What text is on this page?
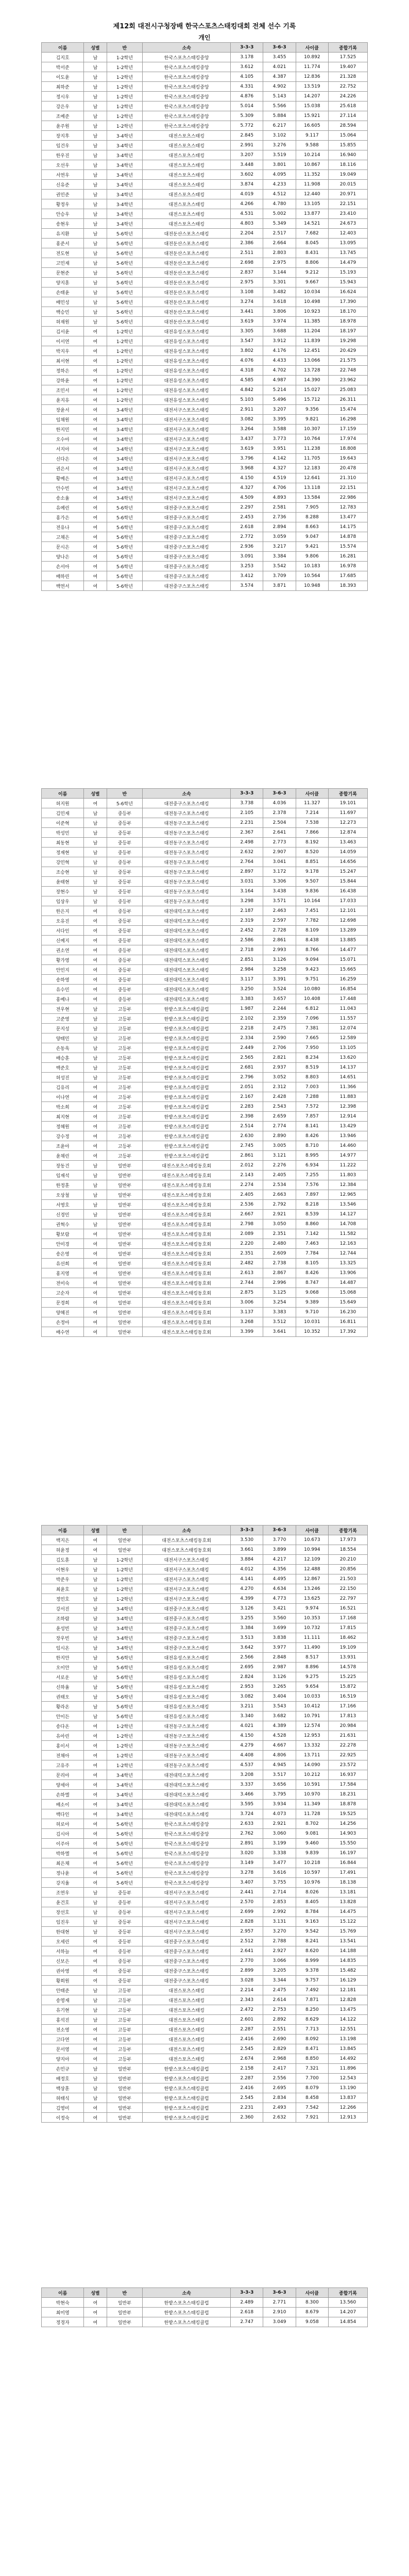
제12회 대전시구청장배 한국스포츠스태킹대회 전체 선수 기록
개인
이름	성별	반	소속	3-3-3	3-6-3	사이클	종합기록
김지호	남	1-2학년	한국스포츠스태킹중앙	3.178	3.455	10.892	17.525
박서준	남	1-2학년	한국스포츠스태킹중앙	3.612	4.021	11.774	19.407
이도윤	남	1-2학년	한국스포츠스태킹중앙	4.105	4.387	12.836	21.328
최하준	남	1-2학년	한국스포츠스태킹중앙	4.331	4.902	13.519	22.752
정시우	남	1-2학년	한국스포츠스태킹중앙	4.876	5.143	14.207	24.226
강은우	남	1-2학년	한국스포츠스태킹중앙	5.014	5.566	15.038	25.618
조예준	남	1-2학년	한국스포츠스태킹중앙	5.309	5.884	15.921	27.114
윤주원	남	1-2학년	한국스포츠스태킹중앙	5.772	6.217	16.605	28.594
장지후	남	3-4학년	대전스포츠스태킹	2.845	3.102	9.117	15.064
임건우	남	3-4학년	대전스포츠스태킹	2.991	3.276	9.588	15.855
한우진	남	3-4학년	대전스포츠스태킹	3.207	3.519	10.214	16.940
오선우	남	3-4학년	대전스포츠스태킹	3.448	3.801	10.867	18.116
서연우	남	3-4학년	대전스포츠스태킹	3.602	4.095	11.352	19.049
신유준	남	3-4학년	대전스포츠스태킹	3.874	4.233	11.908	20.015
권민준	남	3-4학년	대전스포츠스태킹	4.019	4.512	12.440	20.971
황정우	남	3-4학년	대전스포츠스태킹	4.266	4.780	13.105	22.151
안승우	남	3-4학년	대전스포츠스태킹	4.531	5.002	13.877	23.410
송현우	남	3-4학년	대전스포츠스태킹	4.803	5.349	14.521	24.673
유지환	남	5-6학년	대전둔산스포츠스태킹	2.204	2.517	7.682	12.403
홍준서	남	5-6학년	대전둔산스포츠스태킹	2.386	2.664	8.045	13.095
전도현	남	5-6학년	대전둔산스포츠스태킹	2.511	2.803	8.431	13.745
고민재	남	5-6학년	대전둔산스포츠스태킹	2.698	2.975	8.806	14.479
문현준	남	5-6학년	대전둔산스포츠스태킹	2.837	3.144	9.212	15.193
양지훈	남	5-6학년	대전둔산스포츠스태킹	2.975	3.301	9.667	15.943
손태윤	남	5-6학년	대전둔산스포츠스태킹	3.108	3.482	10.034	16.624
배민성	남	5-6학년	대전둔산스포츠스태킹	3.274	3.618	10.498	17.390
백승민	남	5-6학년	대전둔산스포츠스태킹	3.441	3.806	10.923	18.170
허재원	남	5-6학년	대전둔산스포츠스태킹	3.619	3.974	11.385	18.978
김서윤	여	1-2학년	대전유성스포츠스태킹	3.305	3.688	11.204	18.197
이서연	여	1-2학년	대전유성스포츠스태킹	3.547	3.912	11.839	19.298
박지우	여	1-2학년	대전유성스포츠스태킹	3.802	4.176	12.451	20.429
최서현	여	1-2학년	대전유성스포츠스태킹	4.076	4.433	13.066	21.575
정하은	여	1-2학년	대전유성스포츠스태킹	4.318	4.702	13.728	22.748
강하윤	여	1-2학년	대전유성스포츠스태킹	4.585	4.987	14.390	23.962
조민서	여	1-2학년	대전유성스포츠스태킹	4.842	5.214	15.027	25.083
윤지유	여	1-2학년	대전유성스포츠스태킹	5.103	5.496	15.712	26.311
장윤서	여	3-4학년	대전서구스포츠스태킹	2.911	3.207	9.356	15.474
임채원	여	3-4학년	대전서구스포츠스태킹	3.082	3.395	9.821	16.298
한지민	여	3-4학년	대전서구스포츠스태킹	3.264	3.588	10.307	17.159
오수아	여	3-4학년	대전서구스포츠스태킹	3.437	3.773	10.764	17.974
서지아	여	3-4학년	대전서구스포츠스태킹	3.619	3.951	11.238	18.808
신다은	여	3-4학년	대전서구스포츠스태킹	3.796	4.142	11.705	19.643
권은서	여	3-4학년	대전서구스포츠스태킹	3.968	4.327	12.183	20.478
황예은	여	3-4학년	대전서구스포츠스태킹	4.150	4.519	12.641	21.310
안수빈	여	3-4학년	대전서구스포츠스태킹	4.327	4.706	13.118	22.151
송소율	여	3-4학년	대전서구스포츠스태킹	4.509	4.893	13.584	22.986
유예린	여	5-6학년	대전중구스포츠스태킹	2.297	2.581	7.905	12.783
홍가은	여	5-6학년	대전중구스포츠스태킹	2.453	2.736	8.288	13.477
전유나	여	5-6학년	대전중구스포츠스태킹	2.618	2.894	8.663	14.175
고채은	여	5-6학년	대전중구스포츠스태킹	2.772	3.059	9.047	14.878
문시은	여	5-6학년	대전중구스포츠스태킹	2.936	3.217	9.421	15.574
양나은	여	5-6학년	대전중구스포츠스태킹	3.091	3.384	9.806	16.281
손서아	여	5-6학년	대전중구스포츠스태킹	3.253	3.542	10.183	16.978
배하린	여	5-6학년	대전중구스포츠스태킹	3.412	3.709	10.564	17.685
백연서	여	5-6학년	대전중구스포츠스태킹	3.574	3.871	10.948	18.393
이름	성별	반	소속	3-3-3	3-6-3	사이클	종합기록
허지원	여	5-6학년	대전중구스포츠스태킹	3.738	4.036	11.327	19.101
김민재	남	중등부	대전동구스포츠스태킹	2.105	2.378	7.214	11.697
이준혁	남	중등부	대전동구스포츠스태킹	2.231	2.504	7.538	12.273
박성민	남	중등부	대전동구스포츠스태킹	2.367	2.641	7.866	12.874
최동현	남	중등부	대전동구스포츠스태킹	2.498	2.773	8.192	13.463
정재현	남	중등부	대전동구스포츠스태킹	2.632	2.907	8.520	14.059
강민혁	남	중등부	대전동구스포츠스태킹	2.764	3.041	8.851	14.656
조승현	남	중등부	대전동구스포츠스태킹	2.897	3.172	9.178	15.247
윤태현	남	중등부	대전동구스포츠스태킹	3.031	3.306	9.507	15.844
장현수	남	중등부	대전동구스포츠스태킹	3.164	3.438	9.836	16.438
임상우	남	중등부	대전동구스포츠스태킹	3.298	3.571	10.164	17.033
한은지	여	중등부	대전대덕스포츠스태킹	2.187	2.463	7.451	12.101
오유진	여	중등부	대전대덕스포츠스태킹	2.319	2.597	7.782	12.698
서다인	여	중등부	대전대덕스포츠스태킹	2.452	2.728	8.109	13.289
신예지	여	중등부	대전대덕스포츠스태킹	2.586	2.861	8.438	13.885
권소연	여	중등부	대전대덕스포츠스태킹	2.718	2.993	8.766	14.477
황가영	여	중등부	대전대덕스포츠스태킹	2.851	3.126	9.094	15.071
안민지	여	중등부	대전대덕스포츠스태킹	2.984	3.258	9.423	15.665
송하영	여	중등부	대전대덕스포츠스태킹	3.117	3.391	9.751	16.259
유수민	여	중등부	대전대덕스포츠스태킹	3.250	3.524	10.080	16.854
홍예나	여	중등부	대전대덕스포츠스태킹	3.383	3.657	10.408	17.448
전우현	남	고등부	한밭스포츠스태킹클럽	1.987	2.244	6.812	11.043
고준영	남	고등부	한밭스포츠스태킹클럽	2.102	2.359	7.096	11.557
문지성	남	고등부	한밭스포츠스태킹클럽	2.218	2.475	7.381	12.074
양태민	남	고등부	한밭스포츠스태킹클럽	2.334	2.590	7.665	12.589
손동욱	남	고등부	한밭스포츠스태킹클럽	2.449	2.706	7.950	13.105
배승훈	남	고등부	한밭스포츠스태킹클럽	2.565	2.821	8.234	13.620
백준호	남	고등부	한밭스포츠스태킹클럽	2.681	2.937	8.519	14.137
허성진	남	고등부	한밭스포츠스태킹클럽	2.796	3.052	8.803	14.651
김유리	여	고등부	한밭스포츠스태킹클럽	2.051	2.312	7.003	11.366
이나연	여	고등부	한밭스포츠스태킹클럽	2.167	2.428	7.288	11.883
박소희	여	고등부	한밭스포츠스태킹클럽	2.283	2.543	7.572	12.398
최지현	여	고등부	한밭스포츠스태킹클럽	2.398	2.659	7.857	12.914
정혜원	여	고등부	한밭스포츠스태킹클럽	2.514	2.774	8.141	13.429
강수정	여	고등부	한밭스포츠스태킹클럽	2.630	2.890	8.426	13.946
조윤아	여	고등부	한밭스포츠스태킹클럽	2.745	3.005	8.710	14.460
윤채린	여	고등부	한밭스포츠스태킹클럽	2.861	3.121	8.995	14.977
장동건	남	일반부	대전스포츠스태킹동호회	2.012	2.276	6.934	11.222
임재석	남	일반부	대전스포츠스태킹동호회	2.143	2.405	7.255	11.803
한정훈	남	일반부	대전스포츠스태킹동호회	2.274	2.534	7.576	12.384
오상철	남	일반부	대전스포츠스태킹동호회	2.405	2.663	7.897	12.965
서영호	남	일반부	대전스포츠스태킹동호회	2.536	2.792	8.218	13.546
신경민	남	일반부	대전스포츠스태킹동호회	2.667	2.921	8.539	14.127
권혁수	남	일반부	대전스포츠스태킹동호회	2.798	3.050	8.860	14.708
황보람	여	일반부	대전스포츠스태킹동호회	2.089	2.351	7.142	11.582
안미경	여	일반부	대전스포츠스태킹동호회	2.220	2.480	7.463	12.163
송은영	여	일반부	대전스포츠스태킹동호회	2.351	2.609	7.784	12.744
유선희	여	일반부	대전스포츠스태킹동호회	2.482	2.738	8.105	13.325
홍지영	여	일반부	대전스포츠스태킹동호회	2.613	2.867	8.426	13.906
전미숙	여	일반부	대전스포츠스태킹동호회	2.744	2.996	8.747	14.487
고순자	여	일반부	대전스포츠스태킹동호회	2.875	3.125	9.068	15.068
문경희	여	일반부	대전스포츠스태킹동호회	3.006	3.254	9.389	15.649
양혜진	여	일반부	대전스포츠스태킹동호회	3.137	3.383	9.710	16.230
손정아	여	일반부	대전스포츠스태킹동호회	3.268	3.512	10.031	16.811
배수연	여	일반부	대전스포츠스태킹동호회	3.399	3.641	10.352	17.392
이름	성별	반	소속	3-3-3	3-6-3	사이클	종합기록
백지은	여	일반부	대전스포츠스태킹동호회	3.530	3.770	10.673	17.973
허윤정	여	일반부	대전스포츠스태킹동호회	3.661	3.899	10.994	18.554
김도훈	남	1-2학년	대전서구스포츠스태킹	3.884	4.217	12.109	20.210
이현우	남	1-2학년	대전서구스포츠스태킹	4.012	4.356	12.488	20.856
박준우	남	1-2학년	대전서구스포츠스태킹	4.141	4.495	12.867	21.503
최윤호	남	1-2학년	대전서구스포츠스태킹	4.270	4.634	13.246	22.150
정민호	남	1-2학년	대전서구스포츠스태킹	4.399	4.773	13.625	22.797
강서진	남	3-4학년	대전중구스포츠스태킹	3.126	3.421	9.974	16.521
조하람	남	3-4학년	대전중구스포츠스태킹	3.255	3.560	10.353	17.168
윤성빈	남	3-4학년	대전중구스포츠스태킹	3.384	3.699	10.732	17.815
장우빈	남	3-4학년	대전중구스포츠스태킹	3.513	3.838	11.111	18.462
임시온	남	3-4학년	대전중구스포츠스태킹	3.642	3.977	11.490	19.109
한지안	남	5-6학년	대전유성스포츠스태킹	2.566	2.848	8.517	13.931
오이안	남	5-6학년	대전유성스포츠스태킹	2.695	2.987	8.896	14.578
서로운	남	5-6학년	대전유성스포츠스태킹	2.824	3.126	9.275	15.225
신하율	남	5-6학년	대전유성스포츠스태킹	2.953	3.265	9.654	15.872
권태오	남	5-6학년	대전유성스포츠스태킹	3.082	3.404	10.033	16.519
황라온	남	5-6학년	대전유성스포츠스태킹	3.211	3.543	10.412	17.166
안이든	남	5-6학년	대전유성스포츠스태킹	3.340	3.682	10.791	17.813
송다온	여	1-2학년	대전동구스포츠스태킹	4.021	4.389	12.574	20.984
유아린	여	1-2학년	대전동구스포츠스태킹	4.150	4.528	12.953	21.631
홍이서	여	1-2학년	대전동구스포츠스태킹	4.279	4.667	13.332	22.278
전채아	여	1-2학년	대전동구스포츠스태킹	4.408	4.806	13.711	22.925
고유주	여	1-2학년	대전동구스포츠스태킹	4.537	4.945	14.090	23.572
문리아	여	3-4학년	대전대덕스포츠스태킹	3.208	3.517	10.212	16.937
양세아	여	3-4학년	대전대덕스포츠스태킹	3.337	3.656	10.591	17.584
손하엘	여	3-4학년	대전대덕스포츠스태킹	3.466	3.795	10.970	18.231
배소이	여	3-4학년	대전대덕스포츠스태킹	3.595	3.934	11.349	18.878
백다인	여	3-4학년	대전대덕스포츠스태킹	3.724	4.073	11.728	19.525
허로아	여	5-6학년	한국스포츠스태킹중앙	2.633	2.921	8.702	14.256
김시아	여	5-6학년	한국스포츠스태킹중앙	2.762	3.060	9.081	14.903
이주아	여	5-6학년	한국스포츠스태킹중앙	2.891	3.199	9.460	15.550
박하엘	여	5-6학년	한국스포츠스태킹중앙	3.020	3.338	9.839	16.197
최은채	여	5-6학년	한국스포츠스태킹중앙	3.149	3.477	10.218	16.844
정나윤	여	5-6학년	한국스포츠스태킹중앙	3.278	3.616	10.597	17.491
강지율	여	5-6학년	한국스포츠스태킹중앙	3.407	3.755	10.976	18.138
조연우	남	중등부	대전서구스포츠스태킹	2.441	2.714	8.026	13.181
윤건호	남	중등부	대전서구스포츠스태킹	2.570	2.853	8.405	13.828
장선호	남	중등부	대전서구스포츠스태킹	2.699	2.992	8.784	14.475
임진우	남	중등부	대전서구스포츠스태킹	2.828	3.131	9.163	15.122
한대현	남	중등부	대전서구스포츠스태킹	2.957	3.270	9.542	15.769
오세린	여	중등부	대전중구스포츠스태킹	2.512	2.788	8.241	13.541
서하늘	여	중등부	대전중구스포츠스태킹	2.641	2.927	8.620	14.188
신보은	여	중등부	대전중구스포츠스태킹	2.770	3.066	8.999	14.835
권아영	여	중등부	대전중구스포츠스태킹	2.899	3.205	9.378	15.482
황희원	여	중등부	대전중구스포츠스태킹	3.028	3.344	9.757	16.129
안태준	남	고등부	대전스포츠스태킹	2.214	2.475	7.492	12.181
송영재	남	고등부	대전스포츠스태킹	2.343	2.614	7.871	12.828
유기현	남	고등부	대전스포츠스태킹	2.472	2.753	8.250	13.475
홍석진	남	고등부	대전스포츠스태킹	2.601	2.892	8.629	14.122
전소영	여	고등부	대전스포츠스태킹	2.287	2.551	7.713	12.551
고다연	여	고등부	대전스포츠스태킹	2.416	2.690	8.092	13.198
문서영	여	고등부	대전스포츠스태킹	2.545	2.829	8.471	13.845
양지아	여	고등부	대전스포츠스태킹	2.674	2.968	8.850	14.492
손민규	남	일반부	한밭스포츠스태킹클럽	2.158	2.417	7.321	11.896
배정호	남	일반부	한밭스포츠스태킹클럽	2.287	2.556	7.700	12.543
백상훈	남	일반부	한밭스포츠스태킹클럽	2.416	2.695	8.079	13.190
허태식	남	일반부	한밭스포츠스태킹클럽	2.545	2.834	8.458	13.837
김영미	여	일반부	한밭스포츠스태킹클럽	2.231	2.493	7.542	12.266
이정숙	여	일반부	한밭스포츠스태킹클럽	2.360	2.632	7.921	12.913
이름	성별	반	소속	3-3-3	3-6-3	사이클	종합기록
박현숙	여	일반부	한밭스포츠스태킹클럽	2.489	2.771	8.300	13.560
최미영	여	일반부	한밭스포츠스태킹클럽	2.618	2.910	8.679	14.207
정경자	여	일반부	한밭스포츠스태킹클럽	2.747	3.049	9.058	14.854
